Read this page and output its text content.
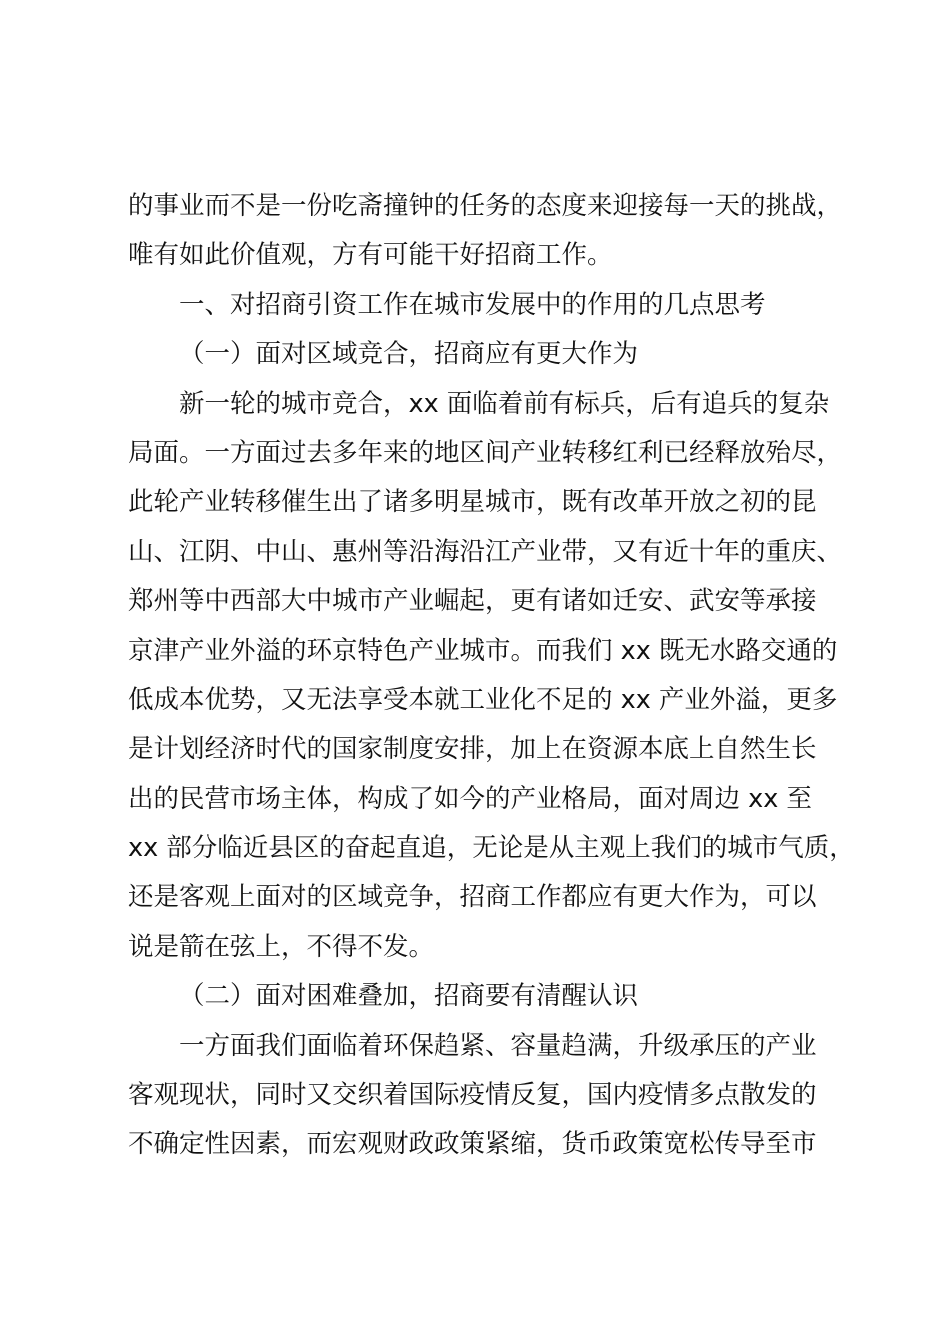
的事业而不是一份吃斋撞钟的任务的态度来迎接每一天的挑战，
唯有如此价值观，方有可能干好招商工作。
一、对招商引资工作在城市发展中的作用的几点思考
（一）面对区域竞合，招商应有更大作为
新一轮的城市竞合，xx 面临着前有标兵，后有追兵的复杂
局面。一方面过去多年来的地区间产业转移红利已经释放殆尽，
此轮产业转移催生出了诸多明星城市，既有改革开放之初的昆
山、江阴、中山、惠州等沿海沿江产业带，又有近十年的重庆、
郑州等中西部大中城市产业崛起，更有诸如迁安、武安等承接
京津产业外溢的环京特色产业城市。而我们 xx 既无水路交通的
低成本优势，又无法享受本就工业化不足的 xx 产业外溢，更多
是计划经济时代的国家制度安排，加上在资源本底上自然生长
出的民营市场主体，构成了如今的产业格局，面对周边 xx 至
xx 部分临近县区的奋起直追，无论是从主观上我们的城市气质，
还是客观上面对的区域竞争，招商工作都应有更大作为，可以
说是箭在弦上，不得不发。
（二）面对困难叠加，招商要有清醒认识
一方面我们面临着环保趋紧、容量趋满，升级承压的产业
客观现状，同时又交织着国际疫情反复，国内疫情多点散发的
不确定性因素，而宏观财政政策紧缩，货币政策宽松传导至市
